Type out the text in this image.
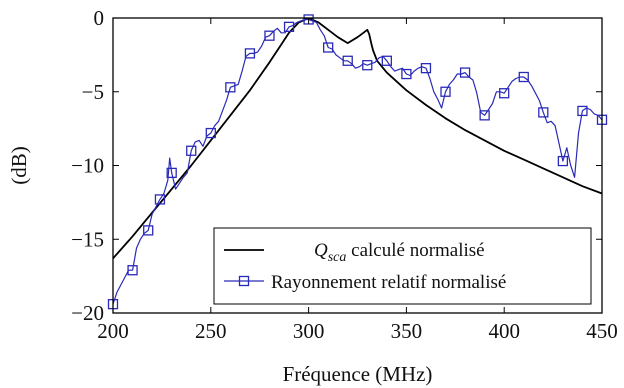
200	250	300	350	400	450
0
−5
−10
−15
−20
$Q_{sca}$ calculé normalisé
Rayonnement relatif normalisé
Fréquence (MHz)
(dB)
